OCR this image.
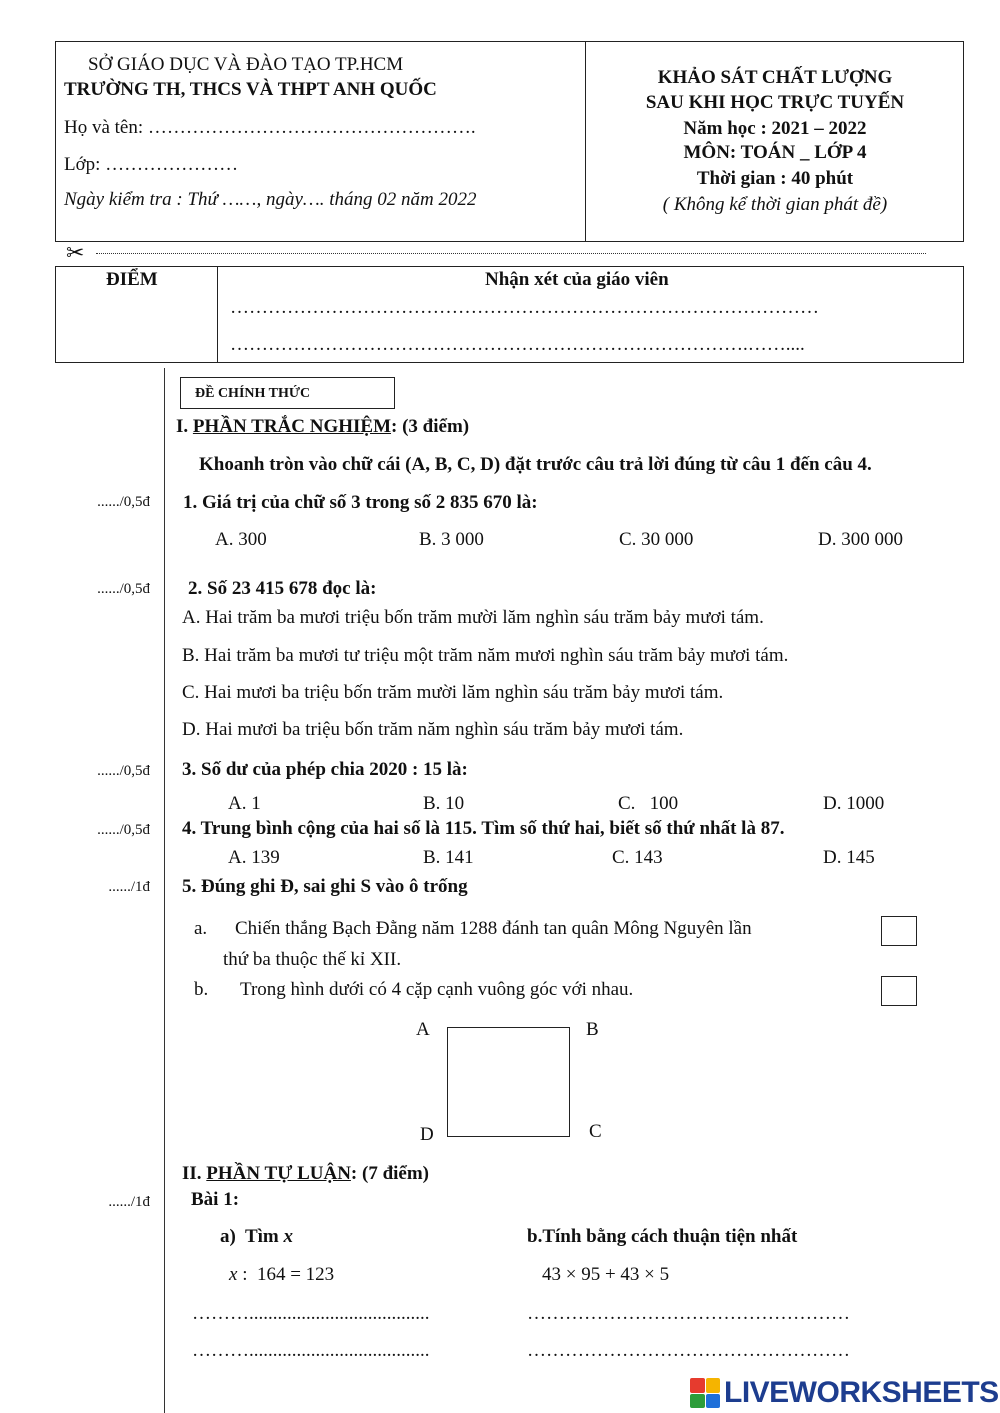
SỞ GIÁO DỤC VÀ ĐÀO TẠO TP.HCM
TRƯỜNG TH, THCS VÀ THPT ANH QUỐC
Họ và tên: …………………………………………….
Lớp: …………………
Ngày kiểm tra : Thứ ……, ngày…. tháng 02 năm 2022
KHẢO SÁT CHẤT LƯỢNG
SAU KHI HỌC TRỰC TUYẾN
Năm học : 2021 – 2022
MÔN: TOÁN _ LỚP 4
Thời gian : 40 phút
( Không kể thời gian phát đề)
✂
ĐIỂM	Nhận xét của giáo viên
…………………………………………………………………………………
……………………………………………………………………….……....
ĐỀ CHÍNH THỨC
I. PHẦN TRẮC NGHIỆM: (3 điểm)
Khoanh tròn vào chữ cái (A, B, C, D) đặt trước câu trả lời đúng từ câu 1 đến câu 4.
....../0,5đ 1. Giá trị của chữ số 3 trong số 2 835 670 là:
A. 300	B. 3 000	C. 30 000	D. 300 000
....../0,5đ 2. Số 23 415 678 đọc là:
A. Hai trăm ba mươi triệu bốn trăm mười lăm nghìn sáu trăm bảy mươi tám.
B. Hai trăm ba mươi tư triệu một trăm năm mươi nghìn sáu trăm bảy mươi tám.
C. Hai mươi ba triệu bốn trăm mười lăm nghìn sáu trăm bảy mươi tám.
D. Hai mươi ba triệu bốn trăm năm nghìn sáu trăm bảy mươi tám.
....../0,5đ 3. Số dư của phép chia 2020 : 15 là:
A. 1	B. 10	C.   100	D. 1000
....../0,5đ 4. Trung bình cộng của hai số là 115. Tìm số thứ hai, biết số thứ nhất là 87.
A. 139	B. 141	C. 143	D. 145
....../1đ 5. Đúng ghi Đ, sai ghi S vào ô trống
a. Chiến thắng Bạch Đằng năm 1288 đánh tan quân Mông Nguyên lần
thứ ba thuộc thế kỉ XII.
b. Trong hình dưới có 4 cặp cạnh vuông góc với nhau.
A	B
C
D
II. PHẦN TỰ LUẬN: (7 điểm)
....../1đ Bài 1:
a)  Tìm x	b.Tính bằng cách thuận tiện nhất
x :  164 = 123	43 × 95 + 43 × 5
………......................................
………......................................
……………………………………………
……………………………………………
LIVEWORKSHEETS
